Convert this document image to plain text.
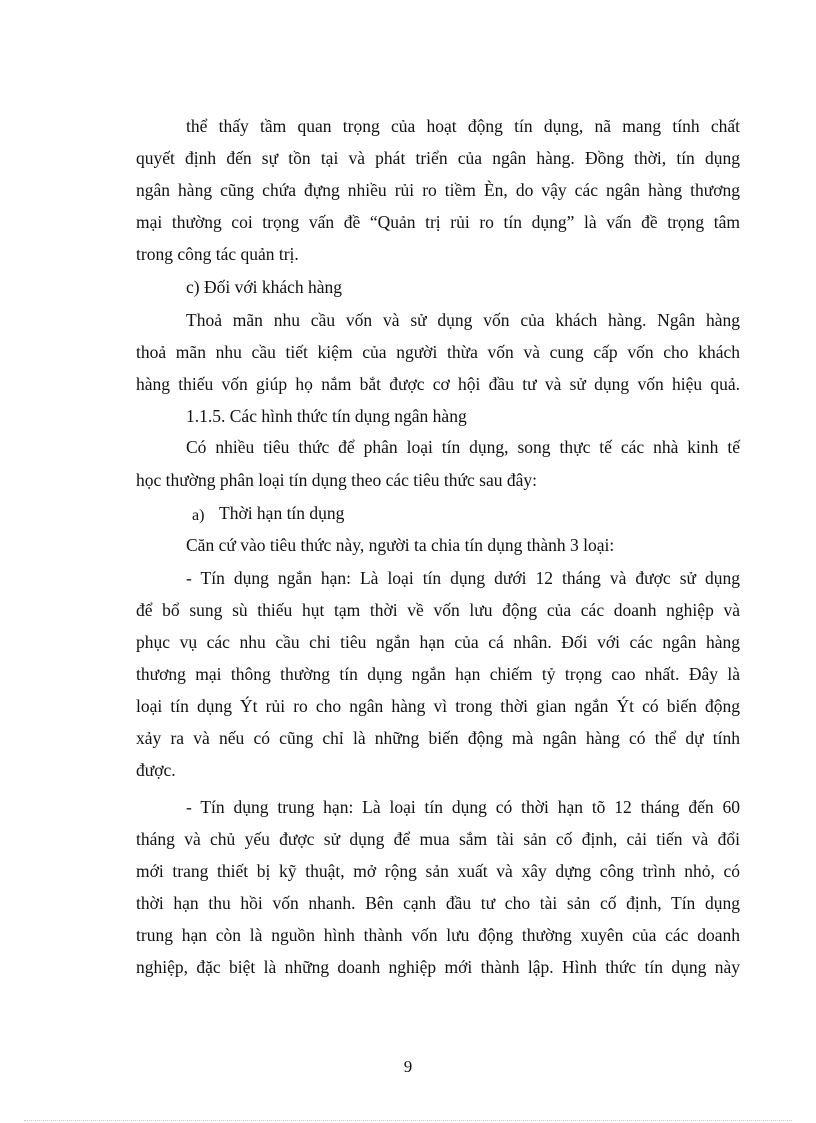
thể thấy tầm quan trọng của hoạt động tín dụng, nã mang tính chất
quyết định đến sự tồn tại và phát triển của ngân hàng. Đồng thời, tín dụng
ngân hàng cũng chứa đựng nhiều rủi ro tiềm Èn, do vậy các ngân hàng thương
mại thường coi trọng vấn đề “Quản trị rủi ro tín dụng” là vấn đề trọng tâm
trong công tác quản trị.
c) Đối với khách hàng
Thoả mãn nhu cầu vốn và sử dụng vốn của khách hàng. Ngân hàng
thoả mãn nhu cầu tiết kiệm của người thừa vốn và cung cấp vốn cho khách
hàng thiếu vốn giúp họ nắm bắt được cơ hội đầu tư và sử dụng vốn hiệu quả.
1.1.5. Các hình thức tín dụng ngân hàng
Có nhiều tiêu thức để phân loại tín dụng, song thực tế các nhà kinh tế
học thường phân loại tín dụng theo các tiêu thức sau đây:
a) Thời hạn tín dụng
Căn cứ vào tiêu thức này, người ta chia tín dụng thành 3 loại:
- Tín dụng ngắn hạn: Là loại tín dụng dưới 12 tháng và được sử dụng
để bổ sung sù thiếu hụt tạm thời về vốn lưu động của các doanh nghiệp và
phục vụ các nhu cầu chi tiêu ngắn hạn của cá nhân. Đối với các ngân hàng
thương mại thông thường tín dụng ngắn hạn chiếm tỷ trọng cao nhất. Đây là
loại tín dụng Ýt rủi ro cho ngân hàng vì trong thời gian ngắn Ýt có biến động
xảy ra và nếu có cũng chỉ là những biến động mà ngân hàng có thể dự tính
được.
- Tín dụng trung hạn: Là loại tín dụng có thời hạn tõ 12 tháng đến 60
tháng và chủ yếu được sử dụng để mua sắm tài sản cố định, cải tiến và đổi
mới trang thiết bị kỹ thuật, mở rộng sản xuất và xây dựng công trình nhỏ, có
thời hạn thu hồi vốn nhanh. Bên cạnh đầu tư cho tài sản cố định, Tín dụng
trung hạn còn là nguồn hình thành vốn lưu động thường xuyên của các doanh
nghiệp, đặc biệt là những doanh nghiệp mới thành lập. Hình thức tín dụng này
9
